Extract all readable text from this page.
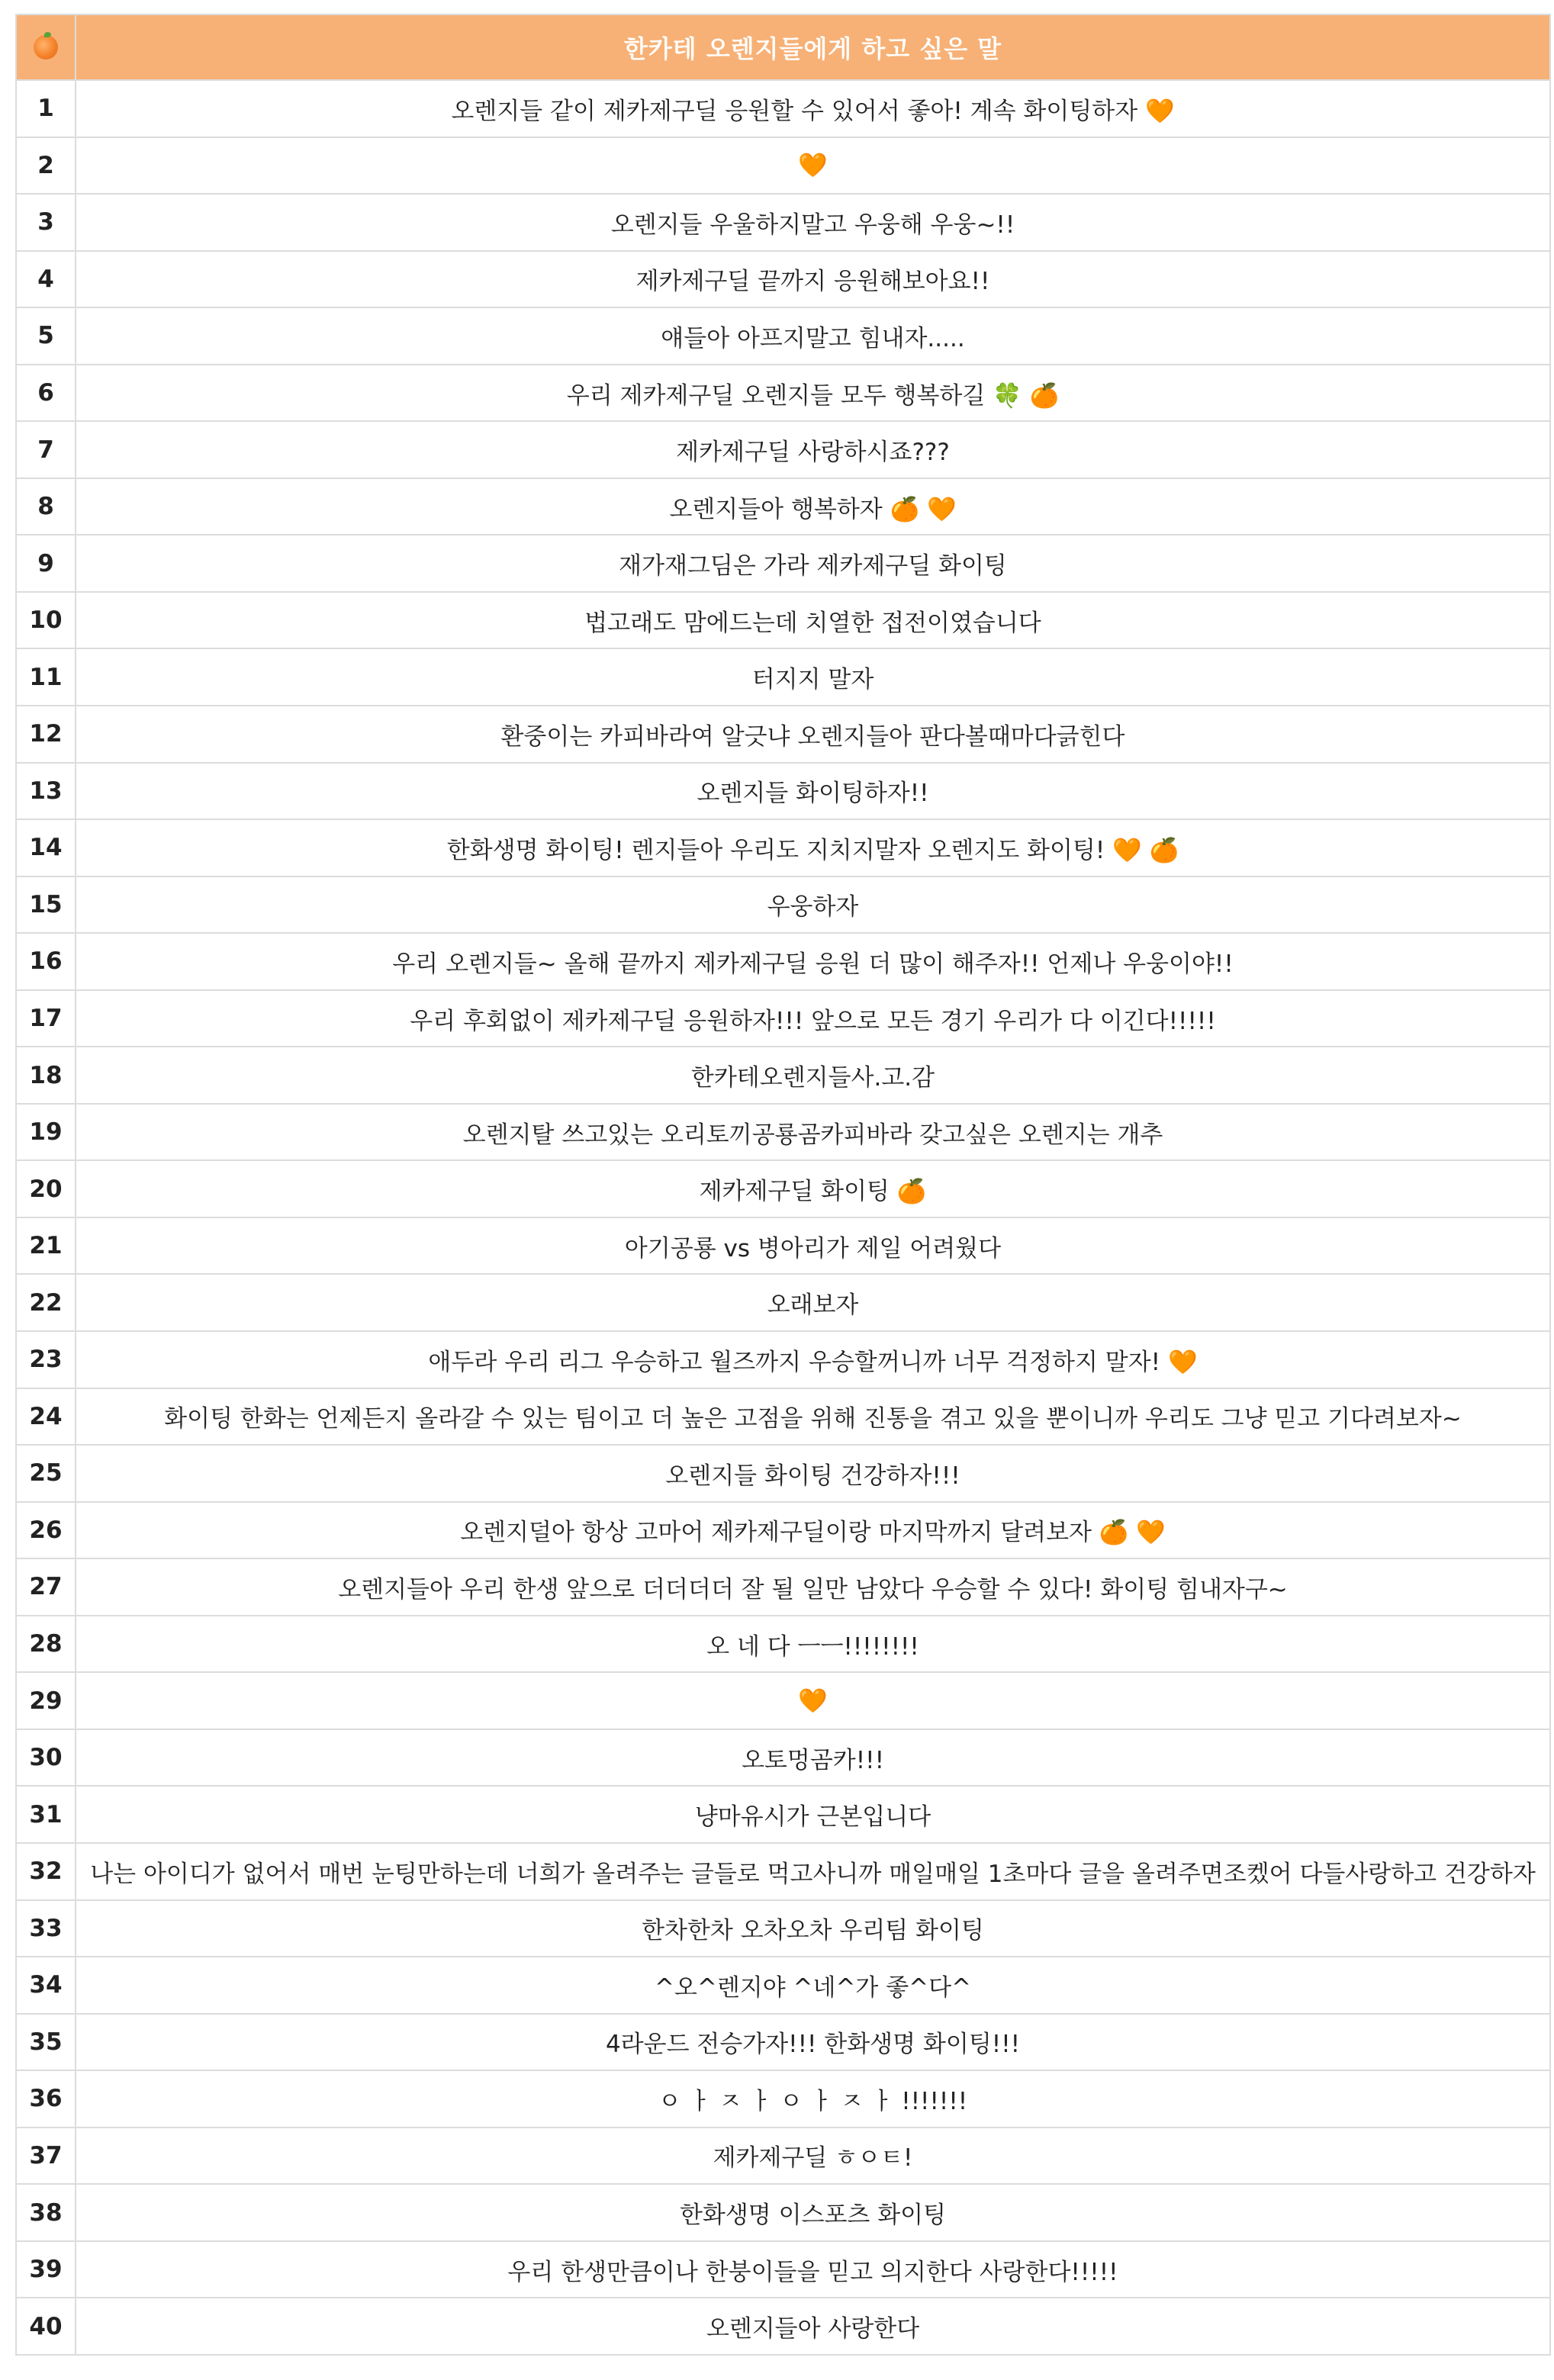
	한카테 오렌지들에게 하고 싶은 말
1	오렌지들 같이 제카제구딜 응원할 수 있어서 좋아! 계속 화이팅하자 🧡
2	🧡
3	오렌지들 우울하지말고 우웅해 우웅~!!
4	제카제구딜 끝까지 응원해보아요!!
5	얘들아 아프지말고 힘내자.....
6	우리 제카제구딜 오렌지들 모두 행복하길 🍀 🍊
7	제카제구딜 사랑하시죠???
8	오렌지들아 행복하자 🍊 🧡
9	재가재그딤은 가라 제카제구딜 화이팅
10	법고래도 맘에드는데 치열한 접전이였습니다
11	터지지 말자
12	환중이는 카피바라여 알긋냐 오렌지들아 판다볼때마다긁힌다
13	오렌지들 화이팅하자!!
14	한화생명 화이팅! 렌지들아 우리도 지치지말자 오렌지도 화이팅! 🧡 🍊
15	우웅하자
16	우리 오렌지들~ 올해 끝까지 제카제구딜 응원 더 많이 해주자!! 언제나 우웅이야!!
17	우리 후회없이 제카제구딜 응원하자!!! 앞으로 모든 경기 우리가 다 이긴다!!!!!
18	한카테오렌지들사.고.감
19	오렌지탈 쓰고있는 오리토끼공룡곰카피바라 갖고싶은 오렌지는 개추
20	제카제구딜 화이팅 🍊
21	아기공룡 vs 병아리가 제일 어려웠다
22	오래보자
23	애두라 우리 리그 우승하고 월즈까지 우승할꺼니까 너무 걱정하지 말자! 🧡
24	화이팅 한화는 언제든지 올라갈 수 있는 팀이고 더 높은 고점을 위해 진통을 겪고 있을 뿐이니까 우리도 그냥 믿고 기다려보자~
25	오렌지들 화이팅 건강하자!!!
26	오렌지덜아 항상 고마어 제카제구딜이랑 마지막까지 달려보자 🍊 🧡
27	오렌지들아 우리 한생 앞으로 더더더더 잘 될 일만 남았다 우승할 수 있다! 화이팅 힘내자구~
28	오 네 다 ㅡㅡ!!!!!!!!
29	🧡
30	오토멍곰카!!!
31	냥마유시가 근본입니다
32	나는 아이디가 없어서 매번 눈팅만하는데 너희가 올려주는 글들로 먹고사니까 매일매일 1초마다 글을 올려주면조켔어 다들사랑하고 건강하자
33	한차한차 오차오차 우리팀 화이팅
34	^오^렌지야 ^네^가 좋^다^
35	4라운드 전승가자!!! 한화생명 화이팅!!!
36	ㅇ ㅏ ㅈ ㅏ ㅇ ㅏ ㅈ ㅏ !!!!!!!
37	제카제구딜 ㅎㅇㅌ!
38	한화생명 이스포츠 화이팅
39	우리 한생만큼이나 한붕이들을 믿고 의지한다 사랑한다!!!!!
40	오렌지들아 사랑한다
